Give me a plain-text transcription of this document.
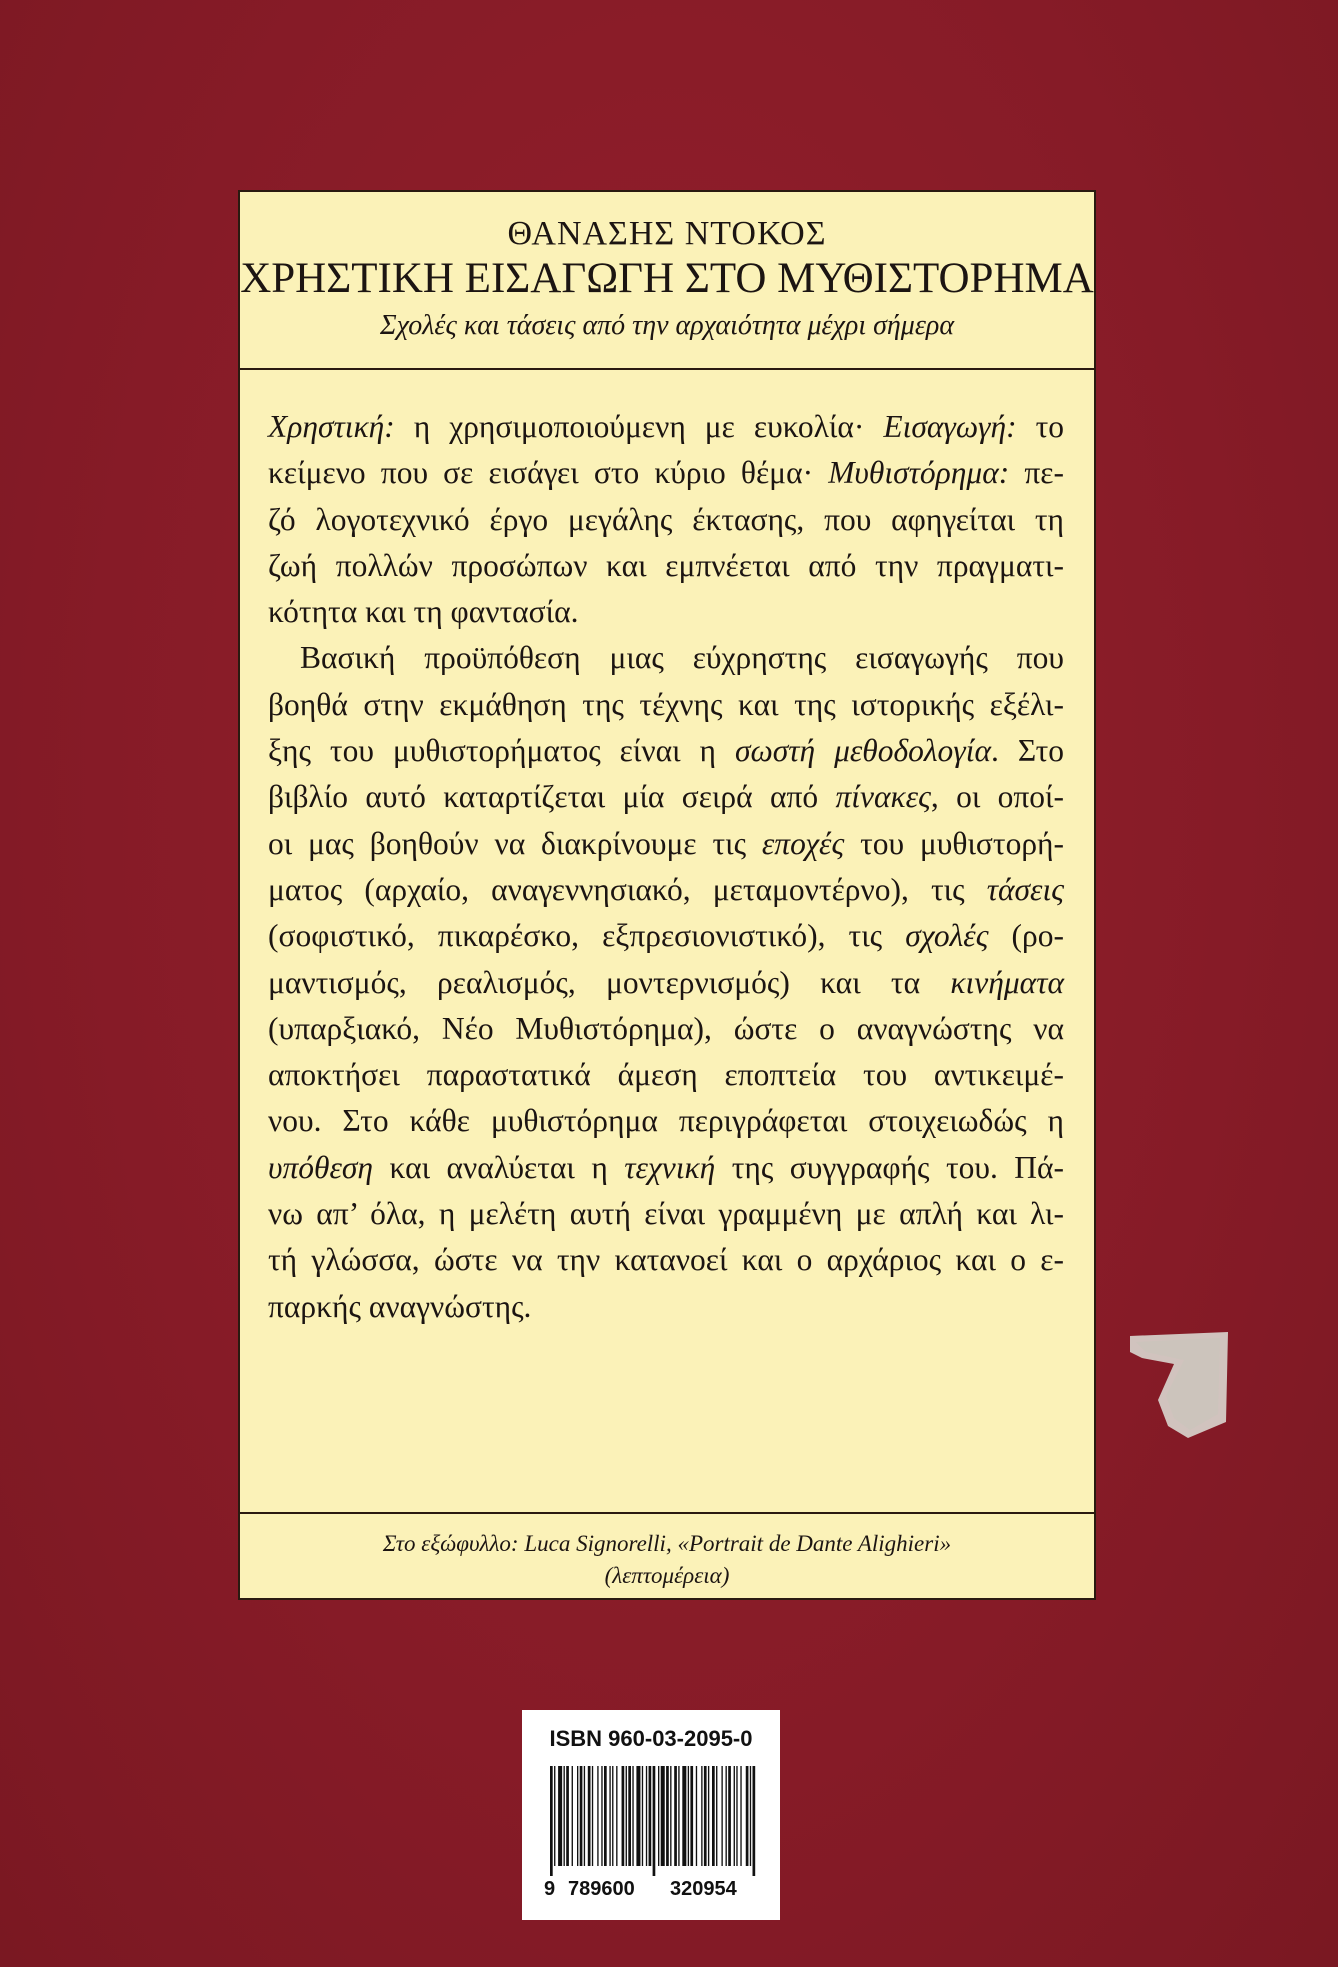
ΘΑΝΑΣΗΣ ΝΤΟΚΟΣ
ΧΡΗΣΤΙΚΗ ΕΙΣΑΓΩΓΗ ΣΤΟ ΜΥΘΙΣΤΟΡΗΜΑ
Σχολές και τάσεις από την αρχαιότητα μέχρι σήμερα

Χρηστική: η χρησιμοποιούμενη με ευκολία· Εισαγωγή: το
κείμενο που σε εισάγει στο κύριο θέμα· Μυθιστόρημα: πε-
ζό λογοτεχνικό έργο μεγάλης έκτασης, που αφηγείται τη
ζωή πολλών προσώπων και εμπνέεται από την πραγματι-
κότητα και τη φαντασία.

Βασική προϋπόθεση μιας εύχρηστης εισαγωγής που
βοηθά στην εκμάθηση της τέχνης και της ιστορικής εξέλι-
ξης του μυθιστορήματος είναι η σωστή μεθοδολογία. Στο
βιβλίο αυτό καταρτίζεται μία σειρά από πίνακες, οι οποί-
οι μας βοηθούν να διακρίνουμε τις εποχές του μυθιστορή-
ματος (αρχαίο, αναγεννησιακό, μεταμοντέρνο), τις τάσεις
(σοφιστικό, πικαρέσκο, εξπρεσιονιστικό), τις σχολές (ρο-
μαντισμός, ρεαλισμός, μοντερνισμός) και τα κινήματα
(υπαρξιακό, Νέο Μυθιστόρημα), ώστε ο αναγνώστης να
αποκτήσει παραστατικά άμεση εποπτεία του αντικειμέ-
νου. Στο κάθε μυθιστόρημα περιγράφεται στοιχειωδώς η
υπόθεση και αναλύεται η τεχνική της συγγραφής του. Πά-
νω απ’ όλα, η μελέτη αυτή είναι γραμμένη με απλή και λι-
τή γλώσσα, ώστε να την κατανοεί και ο αρχάριος και ο ε-
παρκής αναγνώστης.

Στο εξώφυλλο: Luca Signorelli, «Portrait de Dante Alighieri»
(λεπτομέρεια)
ISBN 960-03-2095-0
9 789600 320954
